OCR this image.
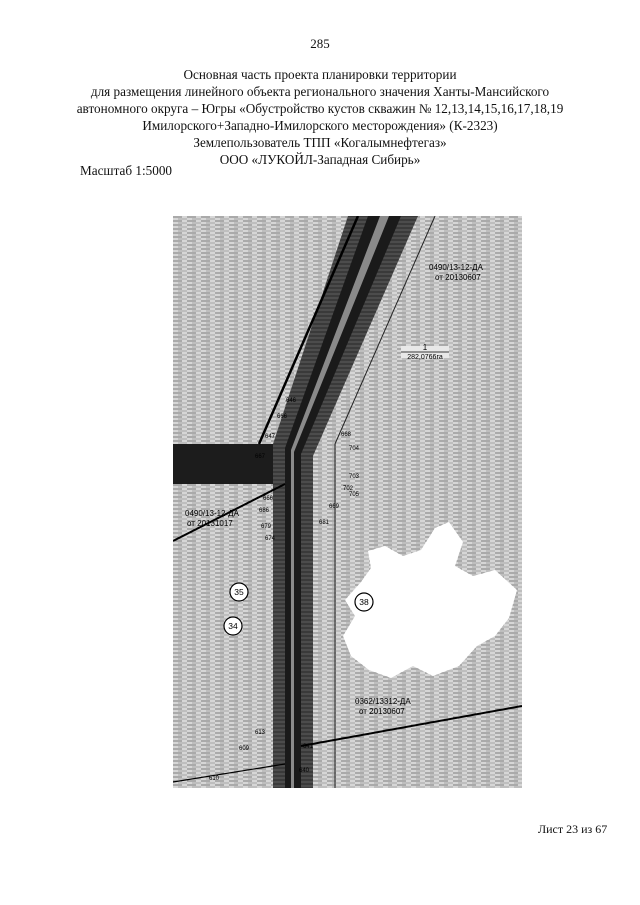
285
Основная часть проекта планировки территории
для размещения линейного объекта регионального значения Ханты-Мансийского
автономного округа – Югры «Обустройство кустов скважин № 12,13,14,15,16,17,18,19
Имилорского+Западно-Имилорского месторождения» (К-2323)
Землепользователь ТПП «Когалымнефтегаз»
ООО «ЛУКОЙЛ-Западная Сибирь»
Масштаб 1:5000
1
282,0766га
0490/13-12-ДА
от 20130607
0490/13-12-ДА
от 20131017
0362/13312-ДА
от 20130607
35
34
38
646
666
647
667
668
704
703
702
705
666
686
679
674
681
669
613
609
610
641
640
Лист 23 из 67
